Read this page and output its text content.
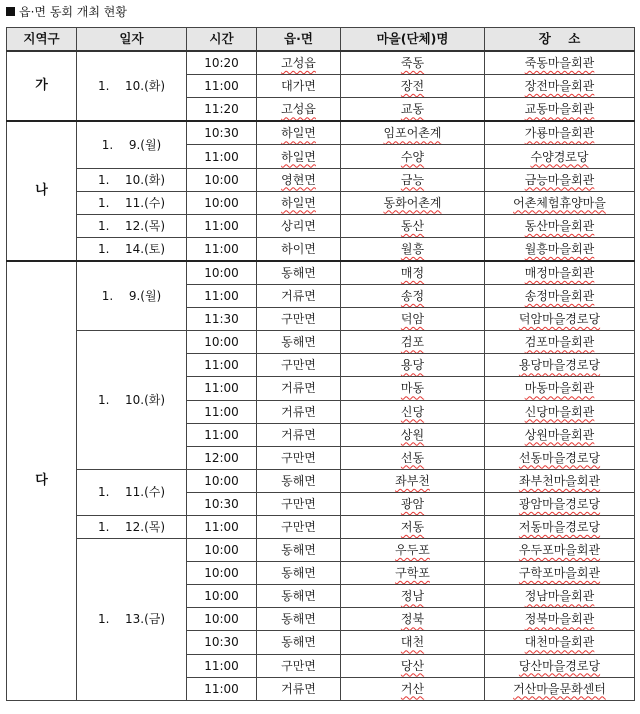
읍·면 동회 개최 현황
지역구	일자	시간	읍·면	마을(단체)명	장    소
가	1.  10.(화)	10:20	고성읍	죽동	죽동마을회관
		11:00	대가면	장전	장전마을회관
		11:20	고성읍	교동	교동마을회관
나	1.  9.(월)	10:30	하일면	임포어촌계	가룡마을회관
		11:00	하일면	수양	수양경로당
	1.  10.(화)	10:00	영현면	금능	금능마을회관
	1.  11.(수)	10:00	하일면	동화어촌계	어촌체험휴양마을
	1.  12.(목)	11:00	상리면	동산	동산마을회관
	1.  14.(토)	11:00	하이면	월흥	월흥마을회관
다	1.  9.(월)	10:00	동해면	매정	매정마을회관
		11:00	거류면	송정	송정마을회관
		11:30	구만면	덕암	덕암마을경로당
	1.  10.(화)	10:00	동해면	검포	검포마을회관
		11:00	구만면	용당	용당마을경로당
		11:00	거류면	마동	마동마을회관
		11:00	거류면	신당	신당마을회관
		11:00	거류면	상원	상원마을회관
		12:00	구만면	선동	선동마을경로당
	1.  11.(수)	10:00	동해면	좌부천	좌부천마을회관
		10:30	구만면	광암	광암마을경로당
	1.  12.(목)	11:00	구만면	저동	저동마을경로당
	1.  13.(금)	10:00	동해면	우두포	우두포마을회관
		10:00	동해면	구학포	구학포마을회관
		10:00	동해면	정남	정남마을회관
		10:00	동해면	정북	정북마을회관
		10:30	동해면	대천	대천마을회관
		11:00	구만면	당산	당산마을경로당
		11:00	거류면	거산	거산마을문화센터
